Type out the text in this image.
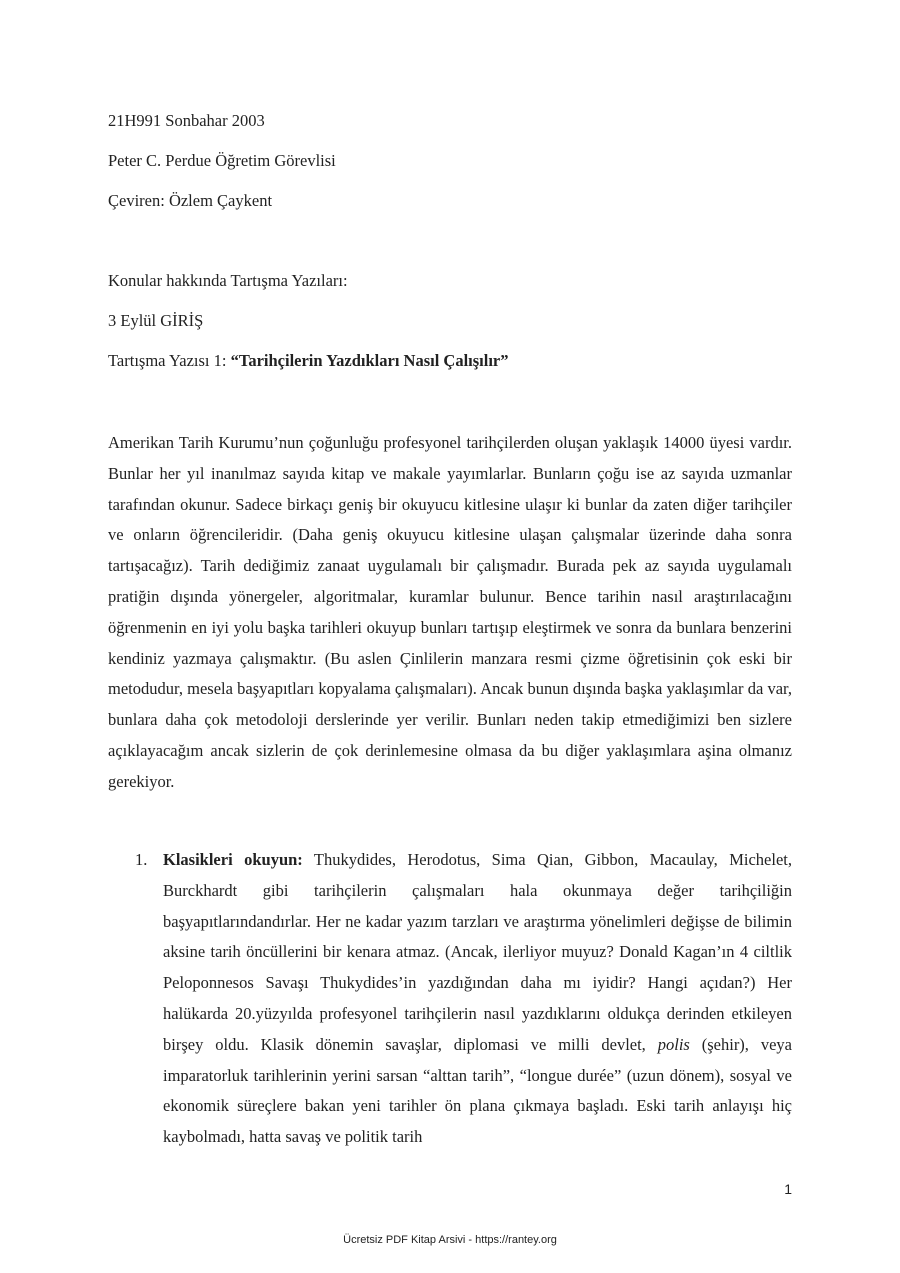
21H991 Sonbahar 2003
Peter C. Perdue Öğretim Görevlisi
Çeviren: Özlem Çaykent
Konular hakkında Tartışma Yazıları:
3 Eylül GİRİŞ
Tartışma Yazısı 1: “Tarihçilerin Yazdıkları Nasıl Çalışılır”

Amerikan Tarih Kurumu’nun çoğunluğu profesyonel tarihçilerden oluşan yaklaşık 14000 üyesi vardır. Bunlar her yıl inanılmaz sayıda kitap ve makale yayımlarlar. Bunların çoğu ise az sayıda uzmanlar tarafından okunur. Sadece birkaçı geniş bir okuyucu kitlesine ulaşır ki bunlar da zaten diğer tarihçiler ve onların öğrencileridir. (Daha geniş okuyucu kitlesine ulaşan çalışmalar üzerinde daha sonra tartışacağız). Tarih dediğimiz zanaat uygulamalı bir çalışmadır. Burada pek az sayıda uygulamalı pratiğin dışında yönergeler, algoritmalar, kuramlar bulunur. Bence tarihin nasıl araştırılacağını öğrenmenin en iyi yolu başka tarihleri okuyup bunları tartışıp eleştirmek ve sonra da bunlara benzerini kendiniz yazmaya çalışmaktır. (Bu aslen Çinlilerin manzara resmi çizme öğretisinin çok eski bir metodudur, mesela başyapıtları kopyalama çalışmaları). Ancak bunun dışında başka yaklaşımlar da var, bunlara daha çok metodoloji derslerinde yer verilir. Bunları neden takip etmediğimizi ben sizlere açıklayacağım ancak sizlerin de çok derinlemesine olmasa da bu diğer yaklaşımlara aşina olmanız gerekiyor.

1. Klasikleri okuyun: Thukydides, Herodotus, Sima Qian, Gibbon, Macaulay, Michelet, Burckhardt gibi tarihçilerin çalışmaları hala okunmaya değer tarihçiliğin başyapıtlarındandırlar. Her ne kadar yazım tarzları ve araştırma yönelimleri değişse de bilimin aksine tarih öncüllerini bir kenara atmaz. (Ancak, ilerliyor muyuz? Donald Kagan’ın 4 ciltlik Peloponnesos Savaşı Thukydides’in yazdığından daha mı iyidir? Hangi açıdan?) Her halükarda 20.yüzyılda profesyonel tarihçilerin nasıl yazdıklarını oldukça derinden etkileyen birşey oldu. Klasik dönemin savaşlar, diplomasi ve milli devlet, polis (şehir), veya imparatorluk tarihlerinin yerini sarsan “alttan tarih”, “longue durée” (uzun dönem), sosyal ve ekonomik süreçlere bakan yeni tarihler ön plana çıkmaya başladı. Eski tarih anlayışı hiç kaybolmadı, hatta savaş ve politik tarih
1
Ücretsiz PDF Kitap Arsivi - https://rantey.org
